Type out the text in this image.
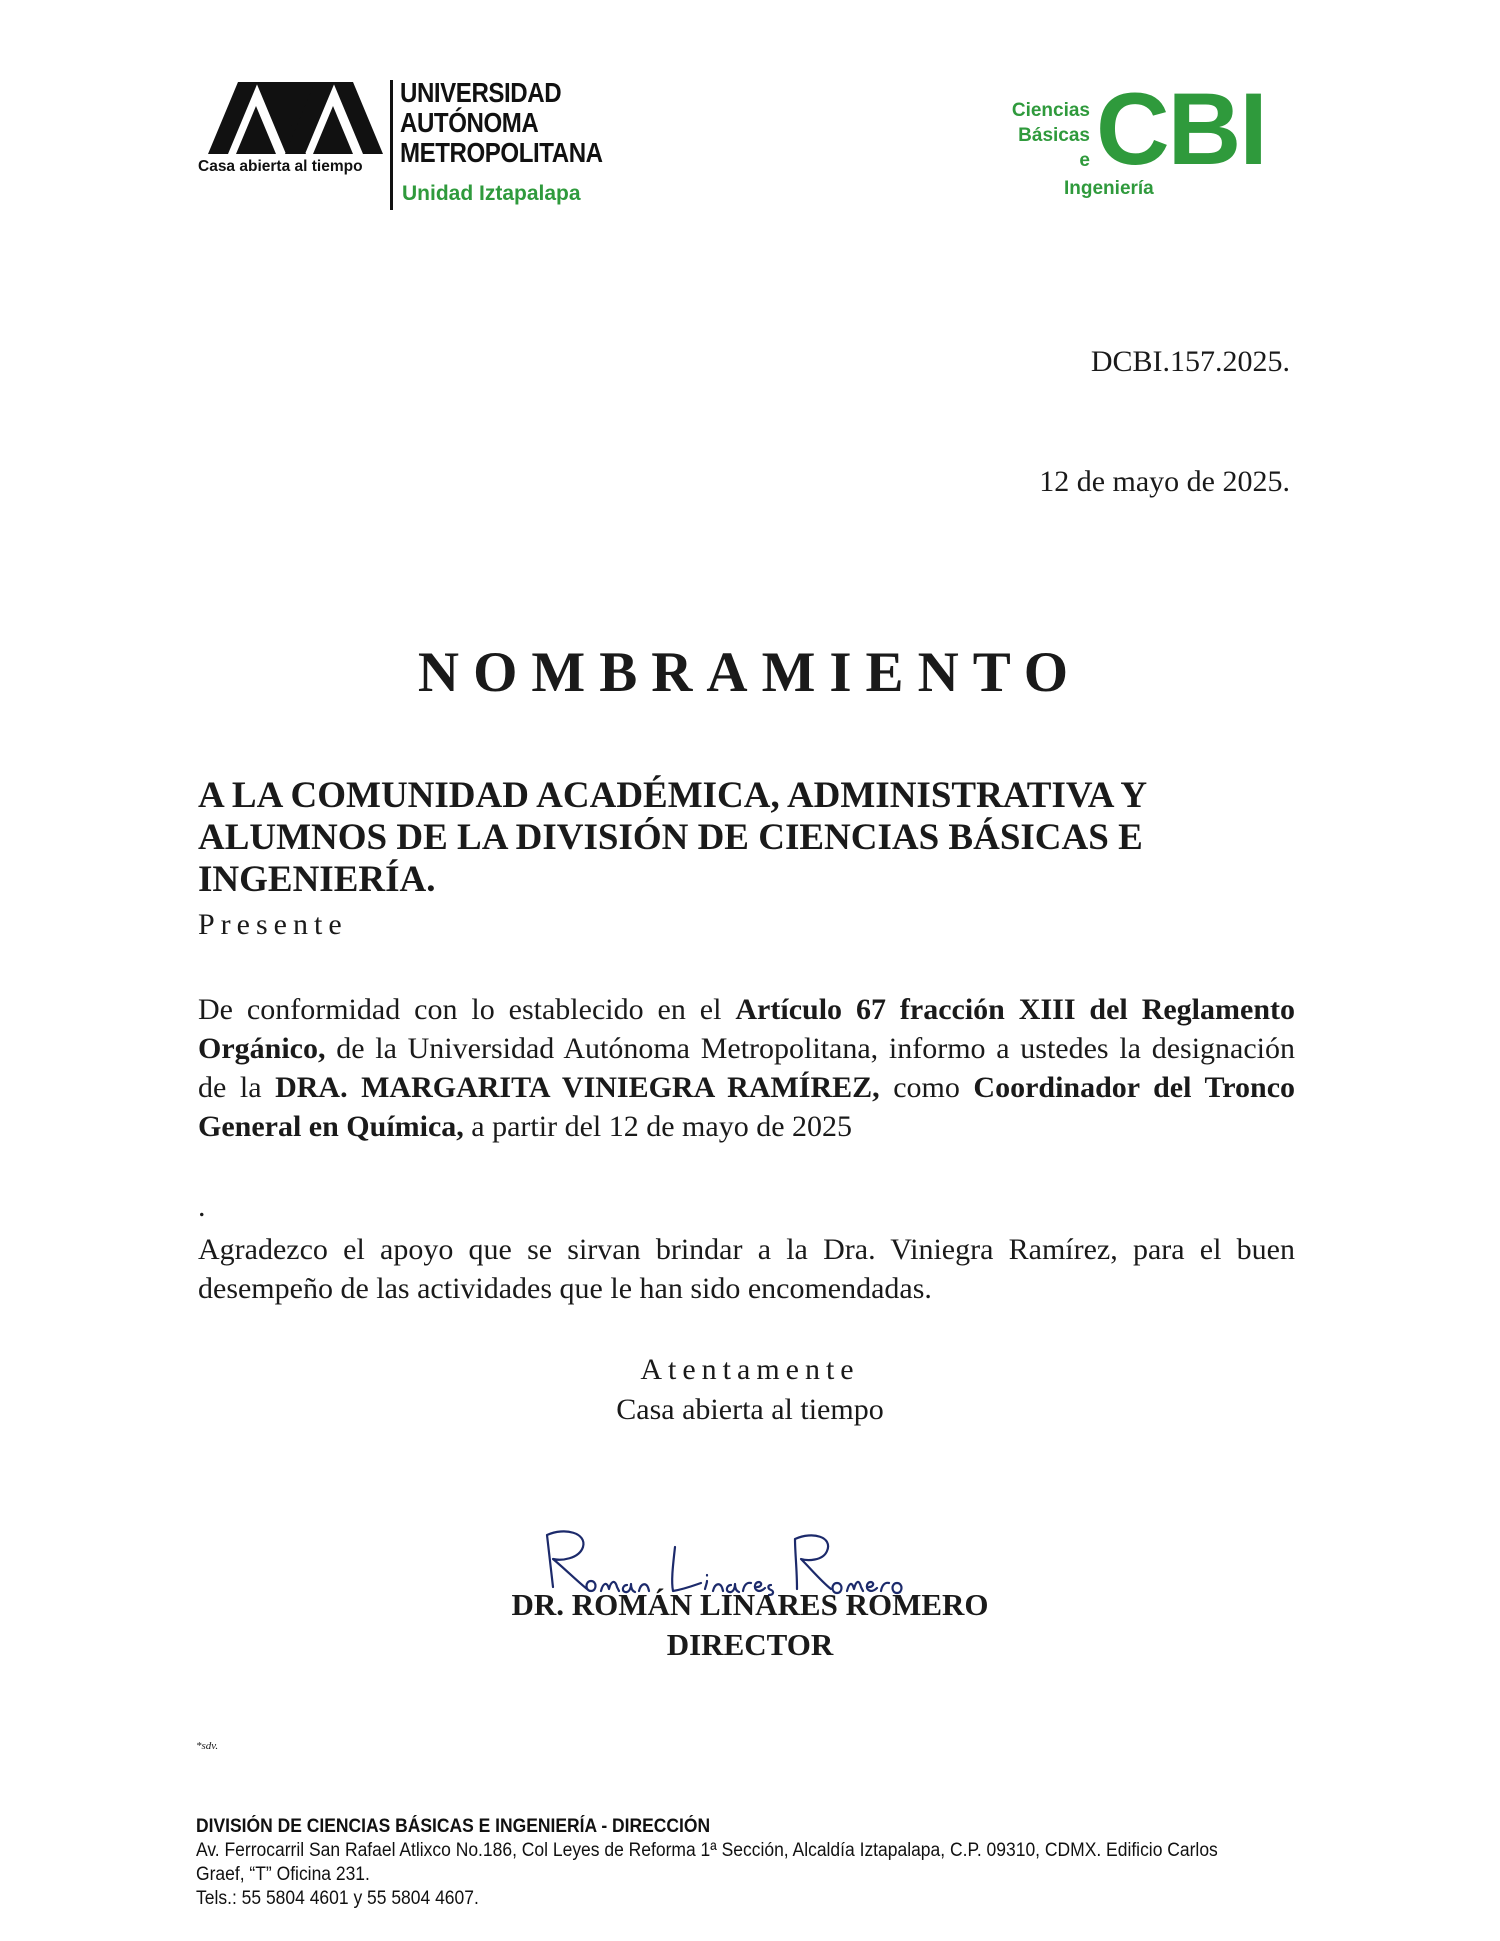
Casa abierta al tiempo
UNIVERSIDAD
AUTÓNOMA
METROPOLITANA
Unidad Iztapalapa
Ciencias
Básicas
e CBI
Ingeniería
DCBI.157.2025.
12 de mayo de 2025.
NOMBRAMIENTO
A LA COMUNIDAD ACADÉMICA, ADMINISTRATIVA Y ALUMNOS DE LA DIVISIÓN DE CIENCIAS BÁSICAS E INGENIERÍA.
Presente
De conformidad con lo establecido en el Artículo 67 fracción XIII del Reglamento Orgánico, de la Universidad Autónoma Metropolitana, informo a ustedes la designación de la DRA. MARGARITA VINIEGRA RAMÍREZ, como Coordinador del Tronco General en Química, a partir del 12 de mayo de 2025
.
Agradezco el apoyo que se sirvan brindar a la Dra. Viniegra Ramírez, para el buen desempeño de las actividades que le han sido encomendadas.
Atentamente
Casa abierta al tiempo
DR. ROMÁN LINARES ROMERO
DIRECTOR
*sdv.
DIVISIÓN DE CIENCIAS BÁSICAS E INGENIERÍA - DIRECCIÓN
Av. Ferrocarril San Rafael Atlixco No.186, Col Leyes de Reforma 1ª Sección, Alcaldía Iztapalapa, C.P. 09310, CDMX. Edificio Carlos Graef, “T” Oficina 231.
Tels.: 55 5804 4601 y 55 5804 4607.
